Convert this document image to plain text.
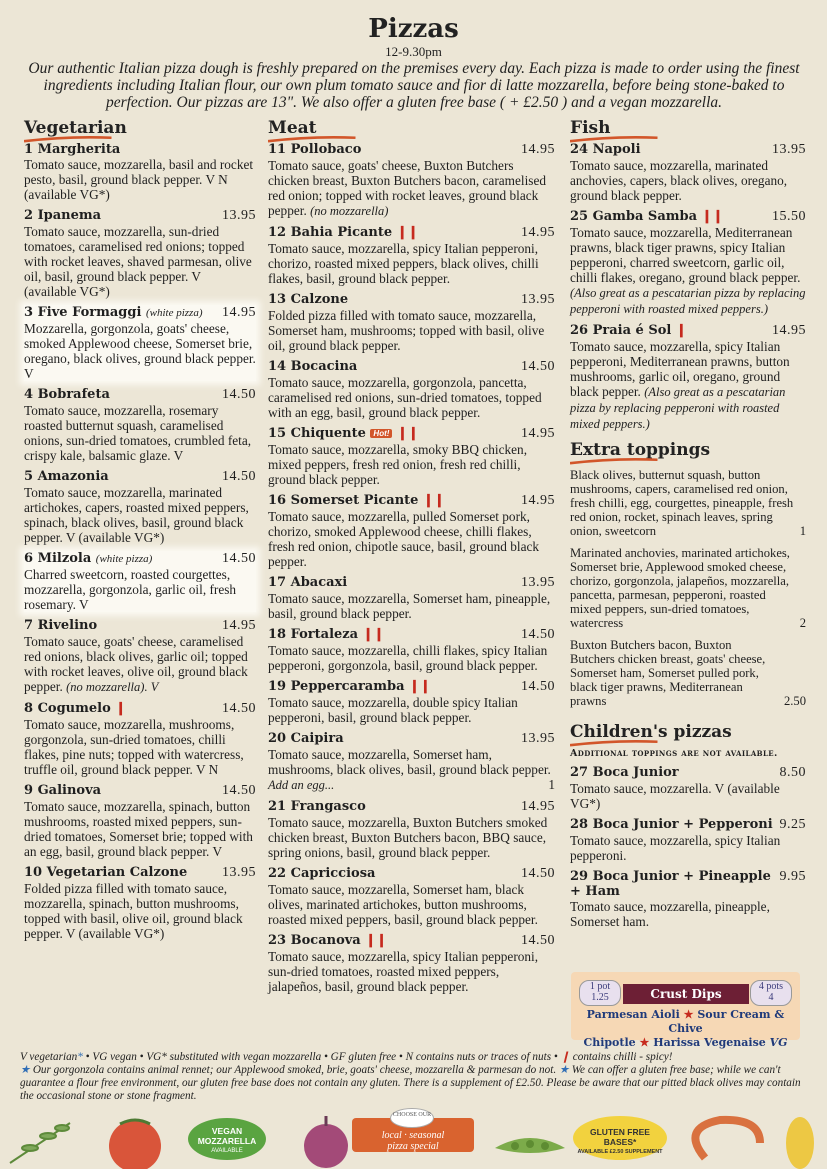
Pizzas
12-9.30pm
Our authentic Italian pizza dough is freshly prepared on the premises every day. Each pizza is made to order using the finest ingredients including Italian flour, our own plum tomato sauce and fior di latte mozzarella, before being stone-baked to perfection. Our pizzas are 13". We also offer a gluten free base ( + £2.50 ) and a vegan mozzarella.
Vegetarian
1 Margherita
Tomato sauce, mozzarella, basil and rocket pesto, basil, ground black pepper. V N (available VG*)
2 Ipanema	13.95
Tomato sauce, mozzarella, sun-dried tomatoes, caramelised red onions; topped with rocket leaves, shaved parmesan, olive oil, basil, ground black pepper. V (available VG*)
3 Five Formaggi (white pizza) 14.95
Mozzarella, gorgonzola, goats' cheese, smoked Applewood cheese, Somerset brie, oregano, black olives, ground black pepper. V
4 Bobrafeta	14.50
Tomato sauce, mozzarella, rosemary roasted butternut squash, caramelised onions, sun-dried tomatoes, crumbled feta, crispy kale, balsamic glaze. V
5 Amazonia	14.50
Tomato sauce, mozzarella, marinated artichokes, capers, roasted mixed peppers, spinach, black olives, basil, ground black pepper. V (available VG*)
6 Milzola (white pizza)	14.50
Charred sweetcorn, roasted courgettes, mozzarella, gorgonzola, garlic oil, fresh rosemary. V
7 Rivelino	14.95
Tomato sauce, goats' cheese, caramelised red onions, black olives, garlic oil; topped with rocket leaves, olive oil, ground black pepper. (no mozzarella). V
8 Cogumelo ❙	14.50
Tomato sauce, mozzarella, mushrooms, gorgonzola, sun-dried tomatoes, chilli flakes, pine nuts; topped with watercress, truffle oil, ground black pepper. V N
9 Galinova	14.50
Tomato sauce, mozzarella, spinach, button mushrooms, roasted mixed peppers, sun-dried tomatoes, Somerset brie; topped with an egg, basil, ground black pepper. V
10 Vegetarian Calzone 13.95
Folded pizza filled with tomato sauce, mozzarella, spinach, button mushrooms, topped with basil, olive oil, ground black pepper. V (available VG*)
Meat
11 Pollobaco	14.95
Tomato sauce, goats' cheese, Buxton Butchers chicken breast, Buxton Butchers bacon, caramelised red onion; topped with rocket leaves, ground black pepper. (no mozzarella)
12 Bahia Picante ❙❙	14.95
Tomato sauce, mozzarella, spicy Italian pepperoni, chorizo, roasted mixed peppers, black olives, chilli flakes, basil, ground black pepper.
13 Calzone	13.95
Folded pizza filled with tomato sauce, mozzarella, Somerset ham, mushrooms; topped with basil, olive oil, ground black pepper.
14 Bocacina	14.50
Tomato sauce, mozzarella, gorgonzola, pancetta, caramelised red onions, sun-dried tomatoes, topped with an egg, basil, ground black pepper.
15 Chiquente Hot! ❙❙	14.95
Tomato sauce, mozzarella, smoky BBQ chicken, mixed peppers, fresh red onion, fresh red chilli, ground black pepper.
16 Somerset Picante ❙❙	14.95
Tomato sauce, mozzarella, pulled Somerset pork, chorizo, smoked Applewood cheese, chilli flakes, fresh red onion, chipotle sauce, basil, ground black pepper.
17 Abacaxi	13.95
Tomato sauce, mozzarella, Somerset ham, pineapple, basil, ground black pepper.
18 Fortaleza ❙❙	14.50
Tomato sauce, mozzarella, chilli flakes, spicy Italian pepperoni, gorgonzola, basil, ground black pepper.
19 Peppercaramba ❙❙	14.50
Tomato sauce, mozzarella, double spicy Italian pepperoni, basil, ground black pepper.
20 Caipira	13.95
Tomato sauce, mozzarella, Somerset ham, mushrooms, black olives, basil, ground black pepper. Add an egg...	1
21 Frangasco	14.95
Tomato sauce, mozzarella, Buxton Butchers smoked chicken breast, Buxton Butchers bacon, BBQ sauce, spring onions, basil, ground black pepper.
22 Capricciosa	14.50
Tomato sauce, mozzarella, Somerset ham, black olives, marinated artichokes, button mushrooms, roasted mixed peppers, basil, ground black pepper.
23 Bocanova ❙❙	14.50
Tomato sauce, mozzarella, spicy Italian pepperoni, sun-dried tomatoes, roasted mixed peppers, jalapeños, basil, ground black pepper.
Fish
24 Napoli	13.95
Tomato sauce, mozzarella, marinated anchovies, capers, black olives, oregano, ground black pepper.
25 Gamba Samba ❙❙	15.50
Tomato sauce, mozzarella, Mediterranean prawns, black tiger prawns, spicy Italian pepperoni, charred sweetcorn, garlic oil, chilli flakes, oregano, ground black pepper. (Also great as a pescatarian pizza by replacing pepperoni with roasted mixed peppers.)
26 Praia é Sol ❙	14.95
Tomato sauce, mozzarella, spicy Italian pepperoni, Mediterranean prawns, button mushrooms, garlic oil, oregano, ground black pepper. (Also great as a pescatarian pizza by replacing pepperoni with roasted mixed peppers.)
Extra toppings
Black olives, butternut squash, button mushrooms, capers, caramelised red onion, fresh chilli, egg, courgettes, pineapple, fresh red onion, rocket, spinach leaves, spring onion, sweetcorn	1
Marinated anchovies, marinated artichokes, Somerset brie, Applewood smoked cheese, chorizo, gorgonzola, jalapeños, mozzarella, pancetta, parmesan, pepperoni, roasted mixed peppers, sun-dried tomatoes, watercress	2
Buxton Butchers bacon, Buxton Butchers chicken breast, goats' cheese, Somerset ham, Somerset pulled pork, black tiger prawns, Mediterranean prawns	2.50
Children's pizzas
Additional toppings are not available.
27 Boca Junior	8.50
Tomato sauce, mozzarella. V (available VG*)
28 Boca Junior + Pepperoni 9.25
Tomato sauce, mozzarella, spicy Italian pepperoni.
29 Boca Junior + Pineapple + Ham
9.95
Tomato sauce, mozzarella, pineapple, Somerset ham.
1 pot
1.25	Crust Dips
4 pots
4
Parmesan Aioli ★ Sour Cream & Chive
Chipotle ★ Harissa Vegenaise VG
V vegetarian* • VG vegan • VG* substituted with vegan mozzarella • GF gluten free • N contains nuts or traces of nuts • ❙ contains chilli - spicy!
★ Our gorgonzola contains animal rennet; our Applewood smoked, brie, goats' cheese, mozzarella & parmesan do not. ★ We can offer a gluten free base; while we can't guarantee a flour free environment, our gluten free base does not contain any gluten. There is a supplement of £2.50. Please be aware that our pitted black olives may contain the occasional stone or stone fragment.
VEGAN MOZZARELLA
AVAILABLE
CHOOSE OUR
local · seasonal
pizza special
GLUTEN FREE BASES*
AVAILABLE £2.50 SUPPLEMENT
